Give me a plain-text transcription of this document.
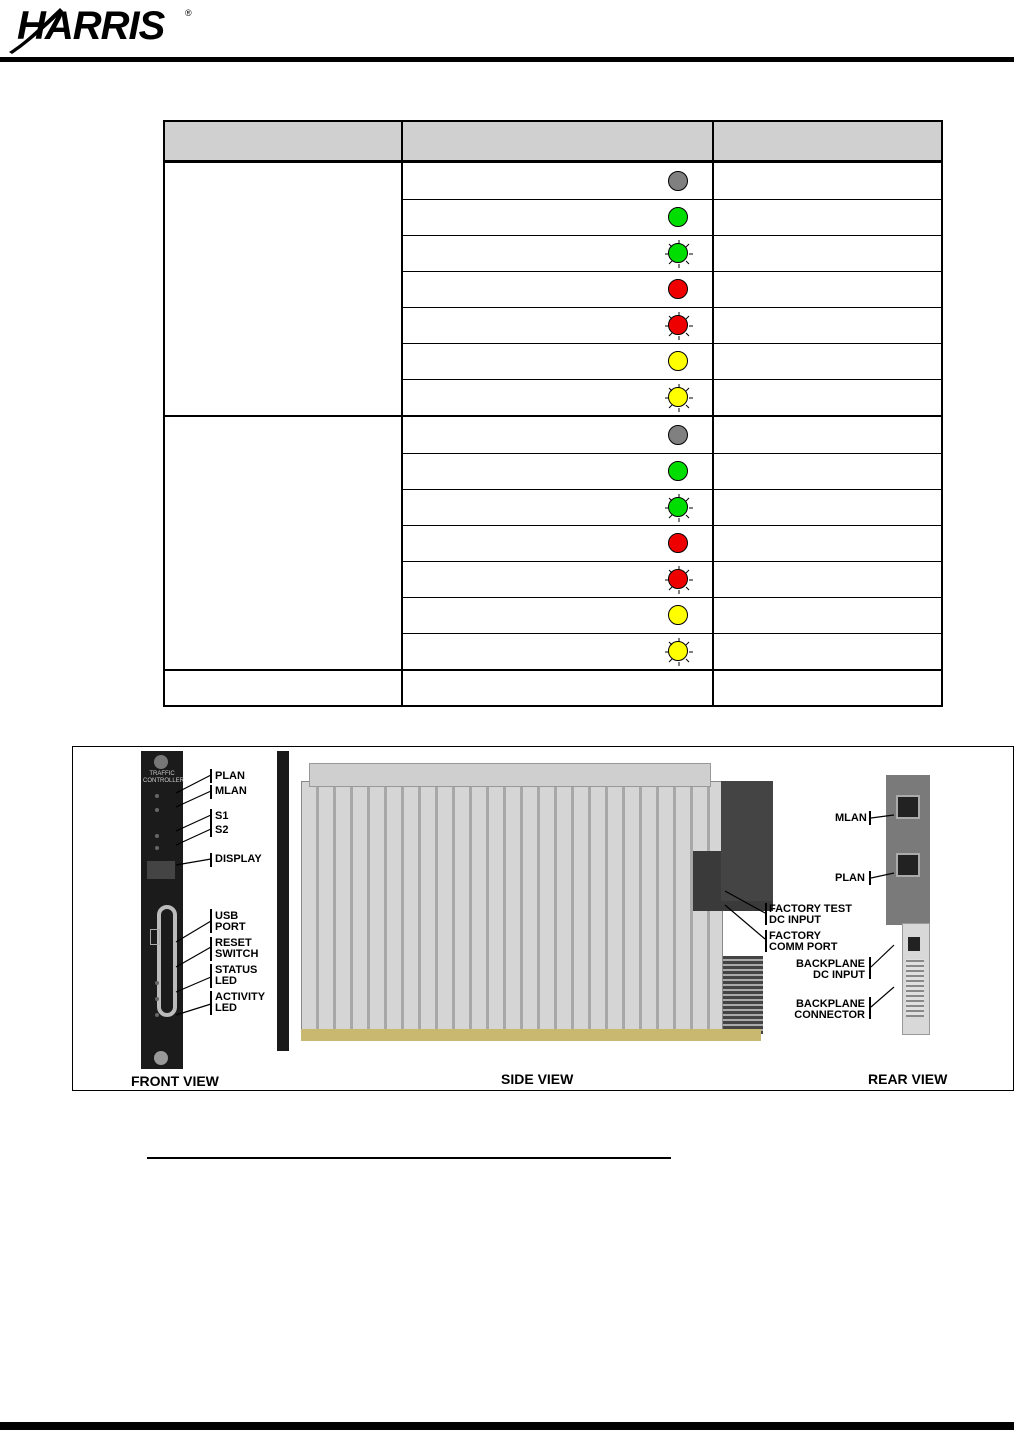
HARRIS ®
TRAFFIC CONTROLLER	PLAN
MLAN
S1
S2
DISPLAY
USB PORT
RESET SWITCH
STATUS LED
ACTIVITY LED
FACTORY TEST DC INPUT
FACTORY COMM PORT
MLAN
PLAN
BACKPLANE DC INPUT
BACKPLANE CONNECTOR
FRONT VIEW	SIDE VIEW	REAR VIEW
